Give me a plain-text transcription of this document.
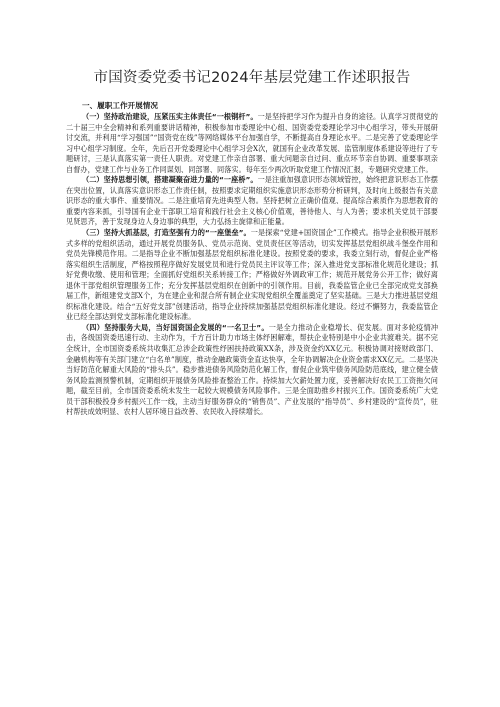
市国资委党委书记2024年基层党建工作述职报告
一、履职工作开展情况

（一）坚持政治建设，压紧压实主体责任“一根钢杆”。一是坚持把学习作为提升自身的途径。认真学习贯彻党的二十届三中全会精神和系列重要讲话精神，积极参加市委理论中心组、国资委党委理论学习中心组学习，带头开展研讨交流，并利用“学习强国”“国资党在线”等网络媒体平台加强自学，不断提高自身理论水平。二是完善了党委理论学习中心组学习制度。全年，先后召开党委理论中心组学习会X次，就国有企业改革发展、监管制度体系建设等进行了专题研讨，三是认真落实第一责任人职责。对党建工作亲自部署、重大问题亲自过问、重点环节亲自协调、重要事项亲自督办，党建工作与业务工作同谋划、同部署、同落实。每年至少两次听取党建工作情况汇报，专题研究党建工作。

（二）坚持思想引领，搭建凝聚奋进力量的“一座桥”。一是注重加强意识形态领域管控，始终把意识形态工作摆在突出位置，认真落实意识形态工作责任制，按照要求定期组织实施意识形态形势分析研判，及时向上级报告有关意识形态的重大事件、重要情况。二是注重培育先进典型人物。坚持把树立正确价值观、提高综合素质作为思想教育的重要内容来抓，引导国有企业干部职工培育和践行社会主义核心价值观，善待他人、与人为善；要求机关党员干部要见贤思齐，善于发现身边人身边事的典型，大力弘扬主旋律和正能量。

（三）坚持大抓基层，打造坚强有力的“一座堡垒”。一是探索“党建+国资国企”工作模式。指导企业积极开展形式多样的党组织活动，通过开展党员服务队、党员示范岗、党员责任区等活动，切实发挥基层党组织战斗堡垒作用和党员先锋模范作用。二是指导企业不断加强基层党组织标准化建设。按照党委的要求，我委立刻行动，督促企业严格落实组织生活制度，严格按照程序做好发展党员和进行党员民主评议等工作；深入推进党支部标准化规范化建设；抓好党费收缴、使用和管理；全面抓好党组织关系转接工作；严格做好外调政审工作；规范开展党务公开工作；做好离退休干部党组织管理服务工作；充分发挥基层党组织在创新中的引领作用。目前，我委监管企业已全部完成党支部换届工作，新组建党支部X个，为在建企业和混合所有制企业实现党组织全覆盖奠定了坚实基础。三是大力推进基层党组织标准化建设。结合“五好党支部”创建活动，指导企业持续加强基层党组织标准化建设。经过不懈努力，我委监管企业已经全部达到党支部标准化建设标准。

（四）坚持服务大局，当好国资国企发展的“一名卫士”。一是全力推动企业稳增长、促发展。面对多轮疫情冲击，各级国资委迅速行动、主动作为，千方百计助力市场主体纾困解难，帮扶企业特别是中小企业共渡难关。据不完全统计，全市国资委系统共收集汇总涉企政策性纾困扶持政策XX条，涉及资金约XX亿元。积极协调对接财政部门、金融机构等有关部门建立“白名单”制度，推动金融政策资金直达快享，全年协调解决企业资金需求XX亿元。二是坚决当好防范化解重大风险的“排头兵”。稳步推进债务风险防范化解工作，督促企业筑牢债务风险防范底线，建立健全债务风险监测预警机制，定期组织开展债务风险排查整治工作。持续加大欠薪处置力度，妥善解决好农民工工资拖欠问题，截至目前，全市国资委系统未发生一起较大规模债务风险事件。三是全面助推乡村振兴工作。国资委系统广大党员干部积极投身乡村振兴工作一线，主动当好服务群众的“销售员”、产业发展的“指导员”、乡村建设的“宣传员”，驻村帮扶成效明显、农村人居环境日益改善、农民收入持续增长。
